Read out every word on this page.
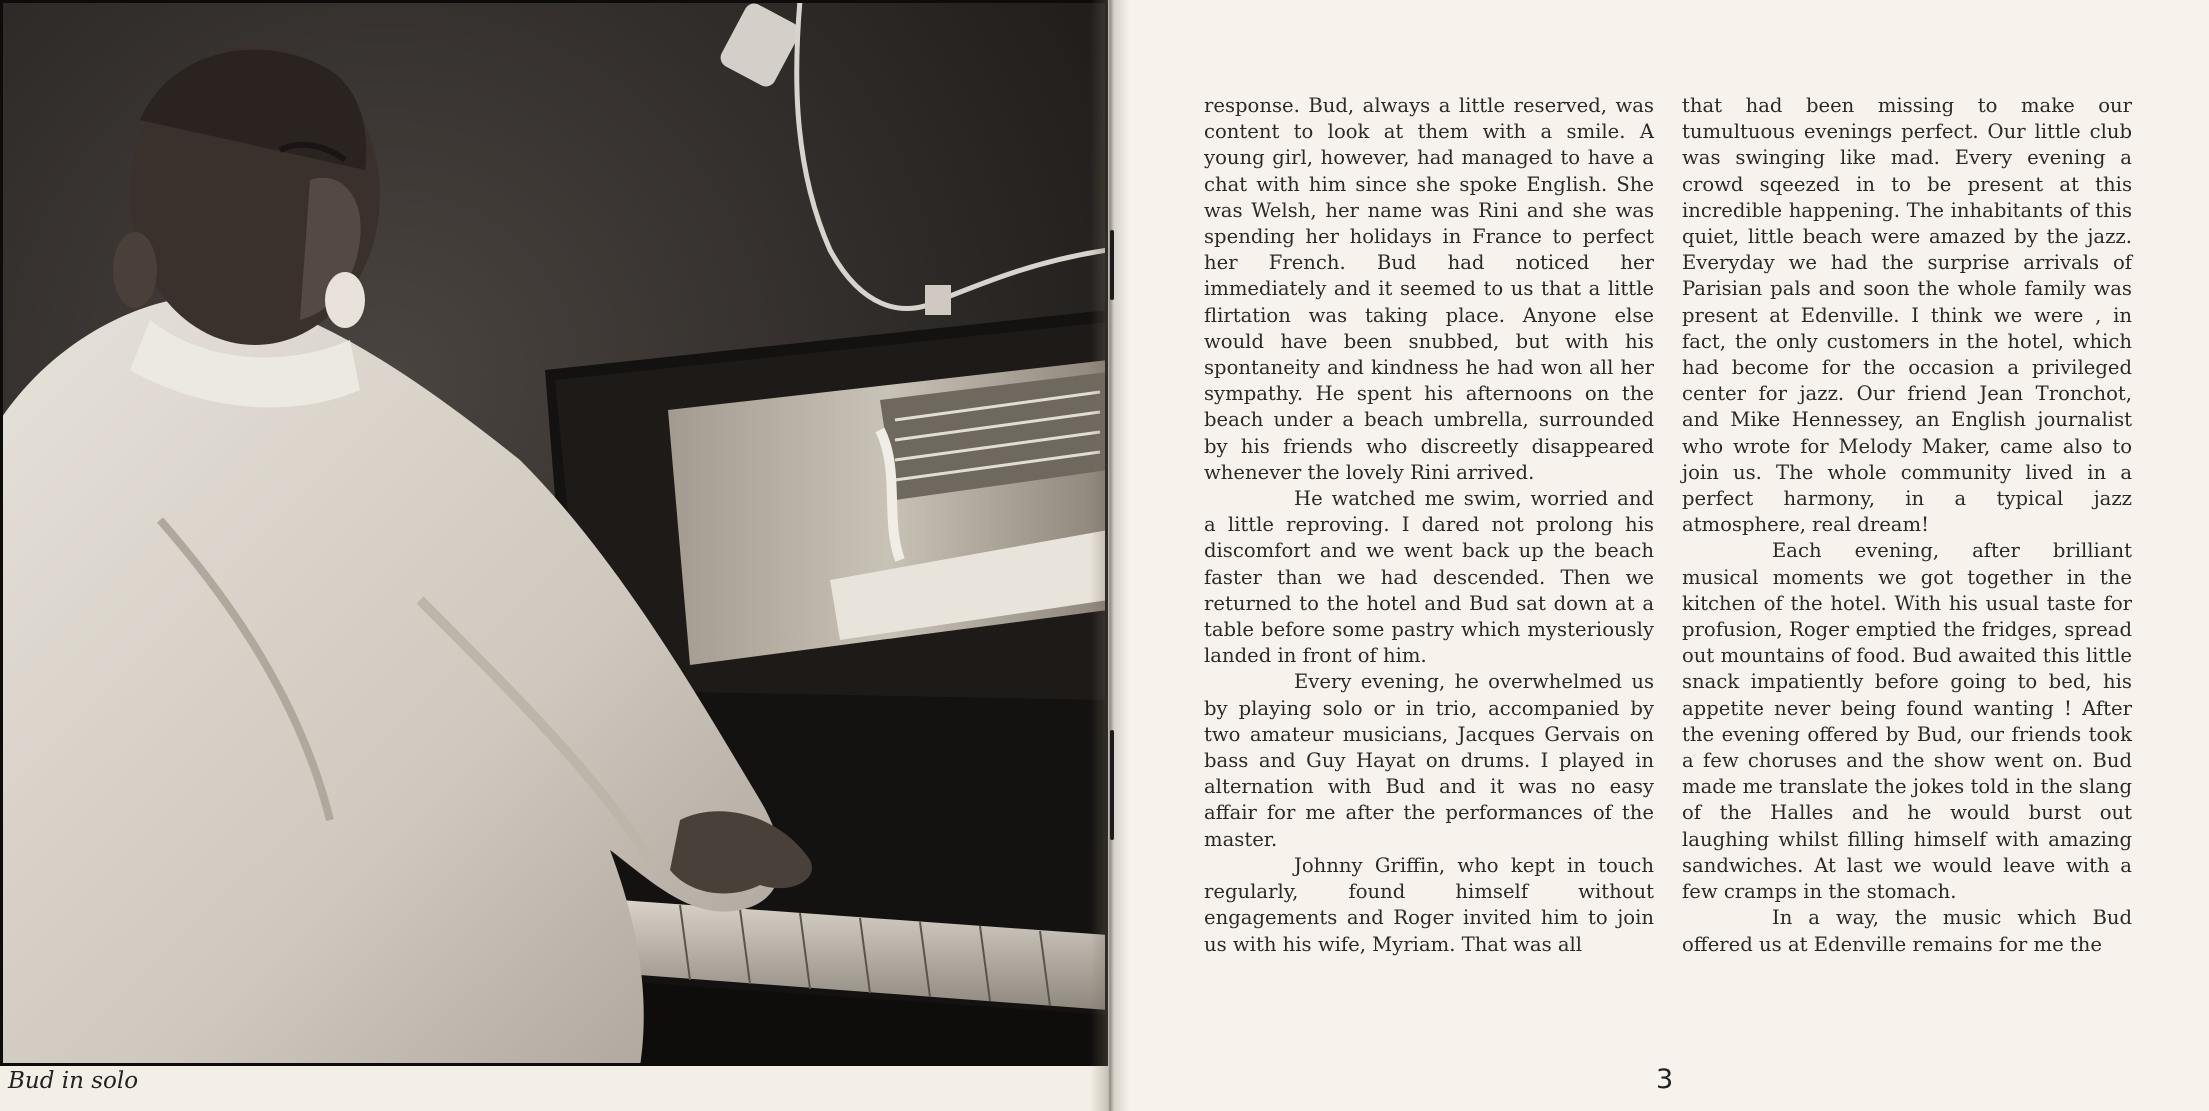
Bud in solo

response. Bud, always a little reserved, was content to look at them with a smile. A young girl, however, had managed to have a chat with him since she spoke English. She was Welsh, her name was Rini and she was spending her holidays in France to perfect her French. Bud had noticed her immediately and it seemed to us that a little flirtation was taking place. Anyone else would have been snubbed, but with his spontaneity and kindness he had won all her sympathy. He spent his afternoons on the beach under a beach umbrella, surrounded by his friends who discreetly disappeared whenever the lovely Rini arrived.

He watched me swim, worried and a little reproving. I dared not prolong his discomfort and we went back up the beach faster than we had descended. Then we returned to the hotel and Bud sat down at a table before some pastry which mysteriously landed in front of him.

Every evening, he overwhelmed us by playing solo or in trio, accompanied by two amateur musicians, Jacques Gervais on bass and Guy Hayat on drums. I played in alternation with Bud and it was no easy affair for me after the performances of the master.

Johnny Griffin, who kept in touch regularly, found himself without engagements and Roger invited him to join us with his wife, Myriam. That was all

that had been missing to make our tumultuous evenings perfect. Our little club was swinging like mad. Every evening a crowd sqeezed in to be present at this incredible happening. The inhabitants of this quiet, little beach were amazed by the jazz. Everyday we had the surprise arrivals of Parisian pals and soon the whole family was present at Edenville. I think we were , in fact, the only customers in the hotel, which had become for the occasion a privileged center for jazz. Our friend Jean Tronchot, and Mike Hennessey, an English journalist who wrote for Melody Maker, came also to join us. The whole community lived in a perfect harmony, in a typical jazz atmosphere, real dream!

Each evening, after brilliant musical moments we got together in the kitchen of the hotel. With his usual taste for profusion, Roger emptied the fridges, spread out mountains of food. Bud awaited this little snack impatiently before going to bed, his appetite never being found wanting ! After the evening offered by Bud, our friends took a few choruses and the show went on. Bud made me translate the jokes told in the slang of the Halles and he would burst out laughing whilst filling himself with amazing sandwiches. At last we would leave with a few cramps in the stomach.

In a way, the music which Bud offered us at Edenville remains for me the

3
